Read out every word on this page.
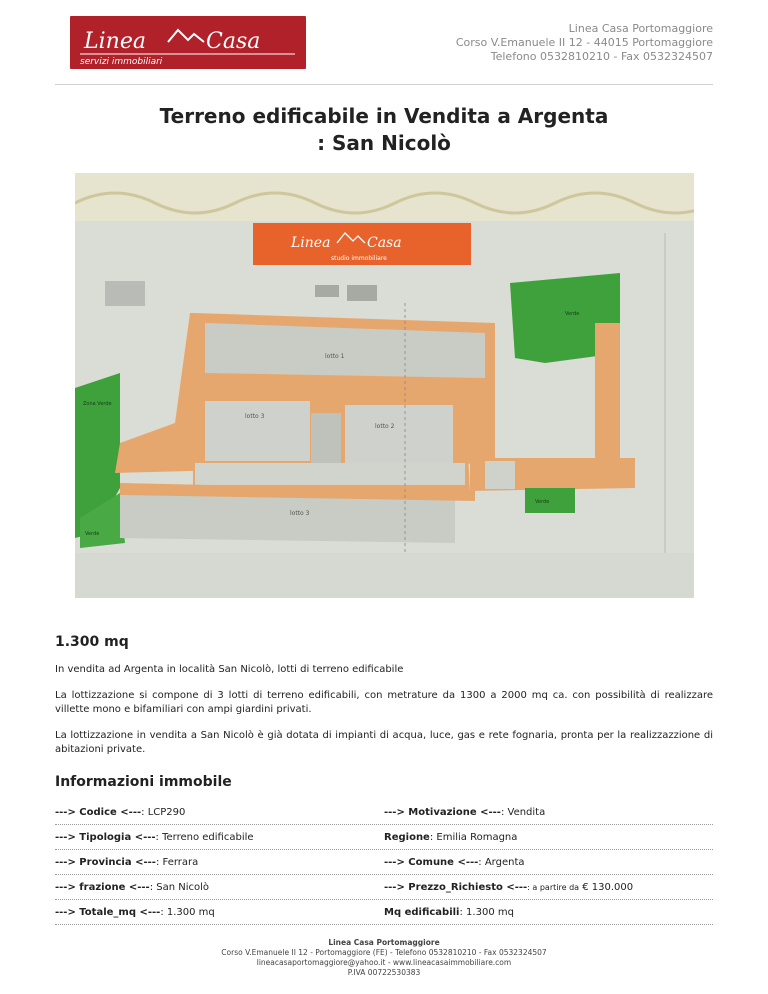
Linea	Casa
servizi immobiliari
Linea Casa Portomaggiore
Corso V.Emanuele II 12 - 44015 Portomaggiore
Telefono 0532810210 - Fax 0532324507
Terreno edificabile in Vendita a Argenta
: San Nicolò
Linea	Casa
studio immobiliare
Verde
Zona Verde
Verde
lotto 1
lotto 3
lotto 2
Verde
lotto 3
1.300 mq

In vendita ad Argenta in località San Nicolò, lotti di terreno edificabile

La lottizzazione si compone di 3 lotti di terreno edificabili, con metrature da 1300 a 2000 mq ca. con possibilità di realizzare villette mono e bifamiliari con ampi giardini privati.

La lottizzazione in vendita a San Nicolò è già dotata di impianti di acqua, luce, gas e rete fognaria, pronta per la realizzazzione di abitazioni private.

Informazioni immobile
---> Codice <---: LCP290	---> Motivazione <---: Vendita
---> Tipologia <---: Terreno edificabile	Regione: Emilia Romagna
---> Provincia <---: Ferrara	---> Comune <---: Argenta
---> frazione <---: San Nicolò	---> Prezzo_Richiesto <---: a partire da € 130.000
---> Totale_mq <---: 1.300 mq	Mq edificabili: 1.300 mq
Linea Casa Portomaggiore
Corso V.Emanuele II 12 - Portomaggiore (FE) - Telefono 0532810210 - Fax 0532324507
lineacasaportomaggiore@yahoo.it - www.lineacasaimmobiliare.com
P.IVA 00722530383
